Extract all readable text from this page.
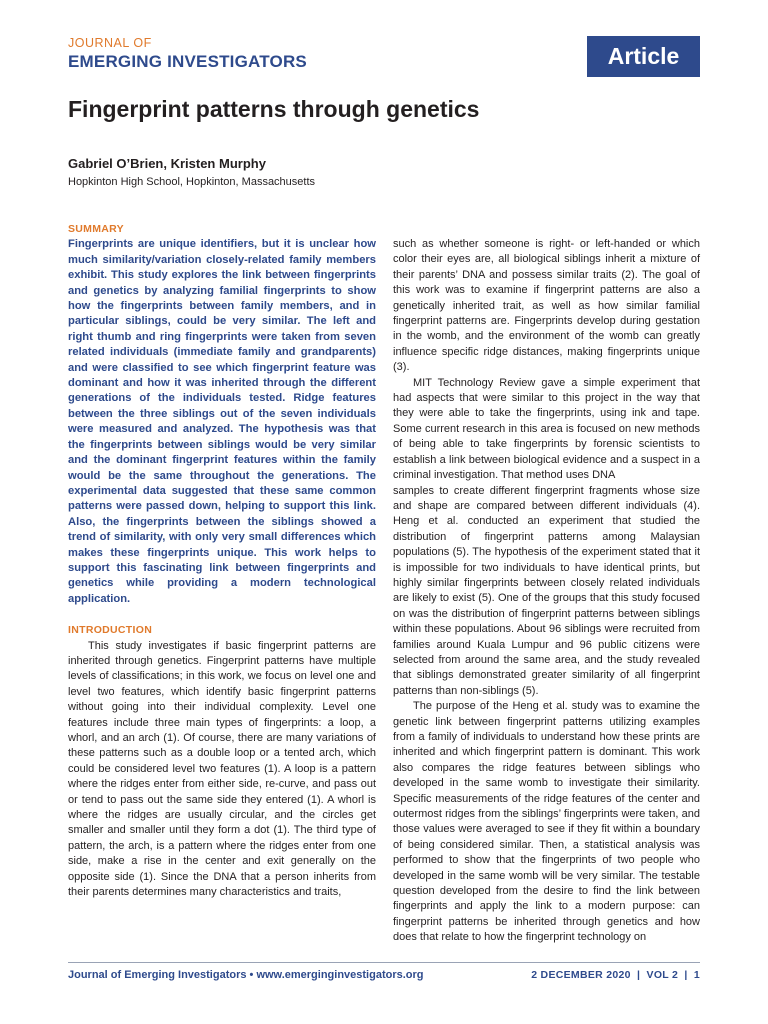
JOURNAL OF
EMERGING INVESTIGATORS	Article
Fingerprint patterns through genetics
Gabriel O’Brien, Kristen Murphy
Hopkinton High School, Hopkinton, Massachusetts
SUMMARY

Fingerprints are unique identifiers, but it is unclear how much similarity/variation closely-related family members exhibit. This study explores the link between fingerprints and genetics by analyzing familial fingerprints to show how the fingerprints between family members, and in particular siblings, could be very similar. The left and right thumb and ring fingerprints were taken from seven related individuals (immediate family and grandparents) and were classified to see which fingerprint feature was dominant and how it was inherited through the different generations of the individuals tested. Ridge features between the three siblings out of the seven individuals were measured and analyzed. The hypothesis was that the fingerprints between siblings would be very similar and the dominant fingerprint features within the family would be the same throughout the generations. The experimental data suggested that these same common patterns were passed down, helping to support this link. Also, the fingerprints between the siblings showed a trend of similarity, with only very small differences which makes these fingerprints unique. This work helps to support this fascinating link between fingerprints and genetics while providing a modern technological application.

INTRODUCTION

This study investigates if basic fingerprint patterns are inherited through genetics. Fingerprint patterns have multiple levels of classifications; in this work, we focus on level one and level two features, which identify basic fingerprint patterns without going into their individual complexity. Level one features include three main types of fingerprints: a loop, a whorl, and an arch (1). Of course, there are many variations of these patterns such as a double loop or a tented arch, which could be considered level two features (1). A loop is a pattern where the ridges enter from either side, re-curve, and pass out or tend to pass out the same side they entered (1). A whorl is where the ridges are usually circular, and the circles get smaller and smaller until they form a dot (1). The third type of pattern, the arch, is a pattern where the ridges enter from one side, make a rise in the center and exit generally on the opposite side (1). Since the DNA that a person inherits from their parents determines many characteristics and traits,

such as whether someone is right- or left-handed or which color their eyes are, all biological siblings inherit a mixture of their parents’ DNA and possess similar traits (2). The goal of this work was to examine if fingerprint patterns are also a genetically inherited trait, as well as how similar familial fingerprint patterns are. Fingerprints develop during gestation in the womb, and the environment of the womb can greatly influence specific ridge distances, making fingerprints unique (3).

MIT Technology Review gave a simple experiment that had aspects that were similar to this project in the way that they were able to take the fingerprints, using ink and tape. Some current research in this area is focused on new methods of being able to take fingerprints by forensic scientists to establish a link between biological evidence and a suspect in a criminal investigation. That method uses DNA

samples to create different fingerprint fragments whose size and shape are compared between different individuals (4). Heng et al. conducted an experiment that studied the distribution of fingerprint patterns among Malaysian populations (5). The hypothesis of the experiment stated that it is impossible for two individuals to have identical prints, but highly similar fingerprints between closely related individuals are likely to exist (5). One of the groups that this study focused on was the distribution of fingerprint patterns between siblings within these populations. About 96 siblings were recruited from families around Kuala Lumpur and 96 public citizens were selected from around the same area, and the study revealed that siblings demonstrated greater similarity of all fingerprint patterns than non-siblings (5).

The purpose of the Heng et al. study was to examine the genetic link between fingerprint patterns utilizing examples from a family of individuals to understand how these prints are inherited and which fingerprint pattern is dominant. This work also compares the ridge features between siblings who developed in the same womb to investigate their similarity. Specific measurements of the ridge features of the center and outermost ridges from the siblings’ fingerprints were taken, and those values were averaged to see if they fit within a boundary of being considered similar. Then, a statistical analysis was performed to show that the fingerprints of two people who developed in the same womb will be very similar. The testable question developed from the desire to find the link between fingerprints and apply the link to a modern purpose: can fingerprint patterns be inherited through genetics and how does that relate to how the fingerprint technology on

Journal of Emerging Investigators • www.emerginginvestigators.org	2 DECEMBER 2020 | VOL 2 | 1
